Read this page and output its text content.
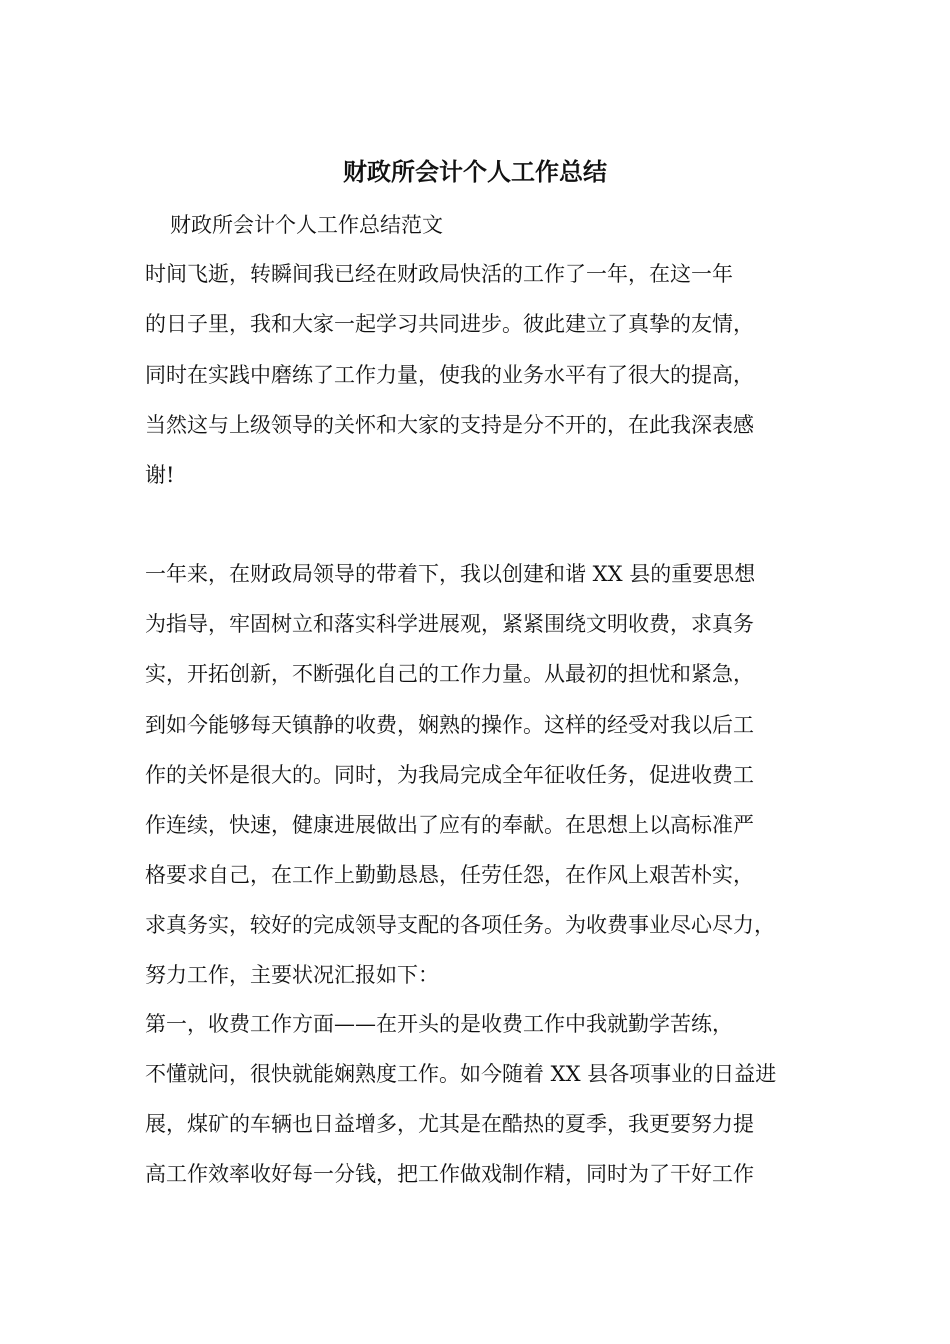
财政所会计个人工作总结
财政所会计个人工作总结范文
时间飞逝，转瞬间我已经在财政局快活的工作了一年，在这一年
的日子里，我和大家一起学习共同进步。彼此建立了真挚的友情，
同时在实践中磨练了工作力量，使我的业务水平有了很大的提高，
当然这与上级领导的关怀和大家的支持是分不开的，在此我深表感
谢!
一年来，在财政局领导的带着下，我以创建和谐 XX 县的重要思想
为指导，牢固树立和落实科学进展观，紧紧围绕文明收费，求真务
实，开拓创新，不断强化自己的工作力量。从最初的担忧和紧急，
到如今能够每天镇静的收费，娴熟的操作。这样的经受对我以后工
作的关怀是很大的。同时，为我局完成全年征收任务，促进收费工
作连续，快速，健康进展做出了应有的奉献。在思想上以高标准严
格要求自己，在工作上勤勤恳恳，任劳任怨，在作风上艰苦朴实，
求真务实，较好的完成领导支配的各项任务。为收费事业尽心尽力，
努力工作，主要状况汇报如下：
第一，收费工作方面——在开头的是收费工作中我就勤学苦练，
不懂就问，很快就能娴熟度工作。如今随着 XX 县各项事业的日益进
展，煤矿的车辆也日益增多，尤其是在酷热的夏季，我更要努力提
高工作效率收好每一分钱，把工作做戏制作精，同时为了干好工作
